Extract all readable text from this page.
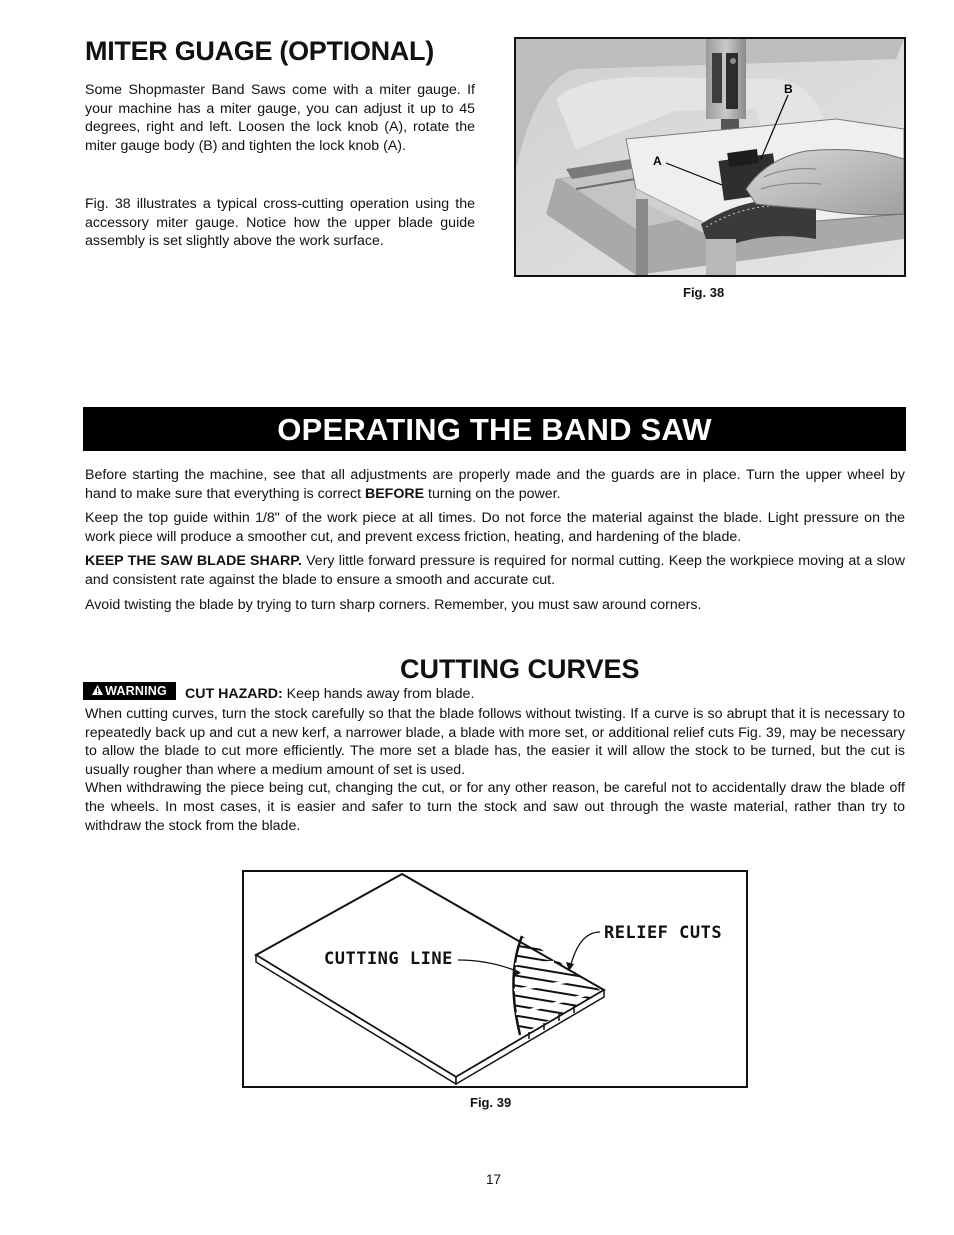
MITER GUAGE (OPTIONAL)

Some Shopmaster Band Saws come with a miter gauge. If your machine has a miter gauge, you can adjust it up to 45 degrees, right and left. Loosen the lock knob (A), rotate the miter gauge body (B) and tighten the lock knob (A).

Fig. 38 illustrates a typical cross-cutting operation using the accessory miter gauge. Notice how the upper blade guide assembly is set slightly above the work surface.

A
B
Fig. 38
OPERATING THE BAND SAW

Before starting the machine, see that all adjustments are properly made and the guards are in place. Turn the upper wheel by hand to make sure that everything is correct BEFORE turning on the power.

Keep the top guide within 1/8" of the work piece at all times. Do not force the material against the blade. Light pressure on the work piece will produce a smoother cut, and prevent excess friction, heating, and hardening of the blade.

KEEP THE SAW BLADE SHARP. Very little forward pressure is required for normal cutting. Keep the workpiece moving at a slow and consistent rate against the blade to ensure a smooth and accurate cut.

Avoid twisting the blade by trying to turn sharp corners. Remember, you must saw around corners.

CUTTING CURVES
WARNING	CUT HAZARD: Keep hands away from blade.

When cutting curves, turn the stock carefully so that the blade follows without twisting. If a curve is so abrupt that it is necessary to repeatedly back up and cut a new kerf, a narrower blade, a blade with more set, or additional relief cuts Fig. 39, may be necessary to allow the blade to cut more efficiently. The more set a blade has, the easier it will allow the stock to be turned, but the cut is usually rougher than where a medium amount of set is used.

When withdrawing the piece being cut, changing the cut, or for any other reason, be careful not to accidentally draw the blade off the wheels. In most cases, it is easier and safer to turn the stock and saw out through the waste material, rather than try to withdraw the stock from the blade.

CUTTING LINE
RELIEF CUTS
Fig. 39
17
